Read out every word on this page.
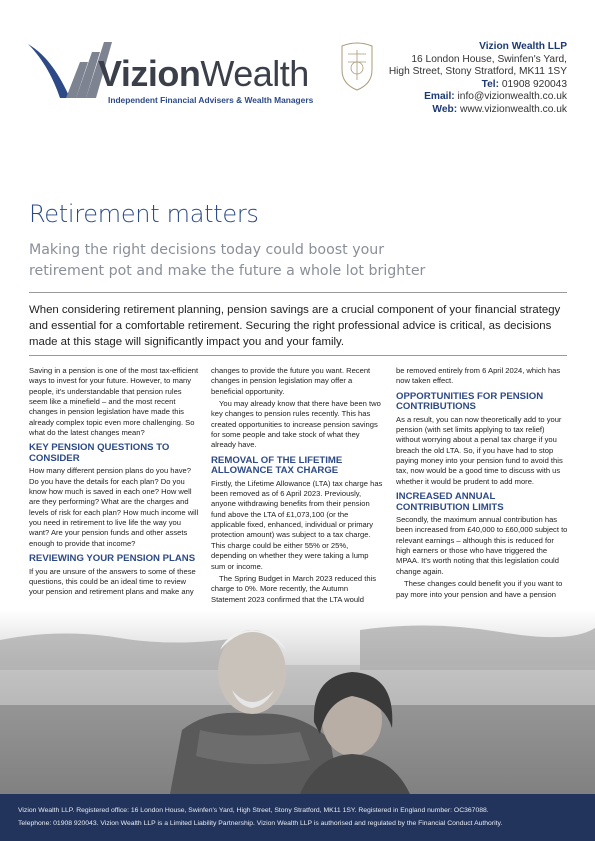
VizionWealth
Independent Financial Advisers & Wealth Managers
Vizion Wealth LLP
16 London House, Swinfen's Yard,
High Street, Stony Stratford, MK11 1SY
Tel: 01908 920043
Email: info@vizionwealth.co.uk
Web: www.vizionwealth.co.uk
Retirement matters
Making the right decisions today could boost your retirement pot and make the future a whole lot brighter
When considering retirement planning, pension savings are a crucial component of your financial strategy and essential for a comfortable retirement. Securing the right professional advice is critical, as decisions made at this stage will significantly impact you and your family.

Saving in a pension is one of the most tax-efficient ways to invest for your future. However, to many people, it's understandable that pension rules seem like a minefield – and the most recent changes in pension legislation have made this already complex topic even more challenging. So what do the latest changes mean?

KEY PENSION QUESTIONS TO CONSIDER

How many different pension plans do you have? Do you have the details for each plan? Do you know how much is saved in each one? How well are they performing? What are the charges and levels of risk for each plan? How much income will you need in retirement to live life the way you want? Are your pension funds and other assets enough to provide that income?

REVIEWING YOUR PENSION PLANS

If you are unsure of the answers to some of these questions, this could be an ideal time to review your pension and retirement plans and make any

changes to provide the future you want. Recent changes in pension legislation may offer a beneficial opportunity.

You may already know that there have been two key changes to pension rules recently. This has created opportunities to increase pension savings for some people and take stock of what they already have.

REMOVAL OF THE LIFETIME ALLOWANCE TAX CHARGE

Firstly, the Lifetime Allowance (LTA) tax charge has been removed as of 6 April 2023. Previously, anyone withdrawing benefits from their pension fund above the LTA of £1,073,100 (or the applicable fixed, enhanced, individual or primary protection amount) was subject to a tax charge. This charge could be either 55% or 25%, depending on whether they were taking a lump sum or income.

The Spring Budget in March 2023 reduced this charge to 0%. More recently, the Autumn Statement 2023 confirmed that the LTA would

be removed entirely from 6 April 2024, which has now taken effect.

OPPORTUNITIES FOR PENSION CONTRIBUTIONS

As a result, you can now theoretically add to your pension (with set limits applying to tax relief) without worrying about a penal tax charge if you breach the old LTA. So, if you have had to stop paying money into your pension fund to avoid this tax, now would be a good time to discuss with us whether it would be prudent to add more.

INCREASED ANNUAL CONTRIBUTION LIMITS

Secondly, the maximum annual contribution has been increased from £40,000 to £60,000 subject to relevant earnings – although this is reduced for high earners or those who have triggered the MPAA. It's worth noting that this legislation could change again.

These changes could benefit you if you want to pay more into your pension and have a pension

Vizion Wealth LLP. Registered office: 16 London House, Swinfen's Yard, High Street, Stony Stratford, MK11 1SY. Registered in England number: OC367088.
Telephone: 01908 920043. Vizion Wealth LLP is a Limited Liability Partnership. Vizion Wealth LLP is authorised and regulated by the Financial Conduct Authority.
